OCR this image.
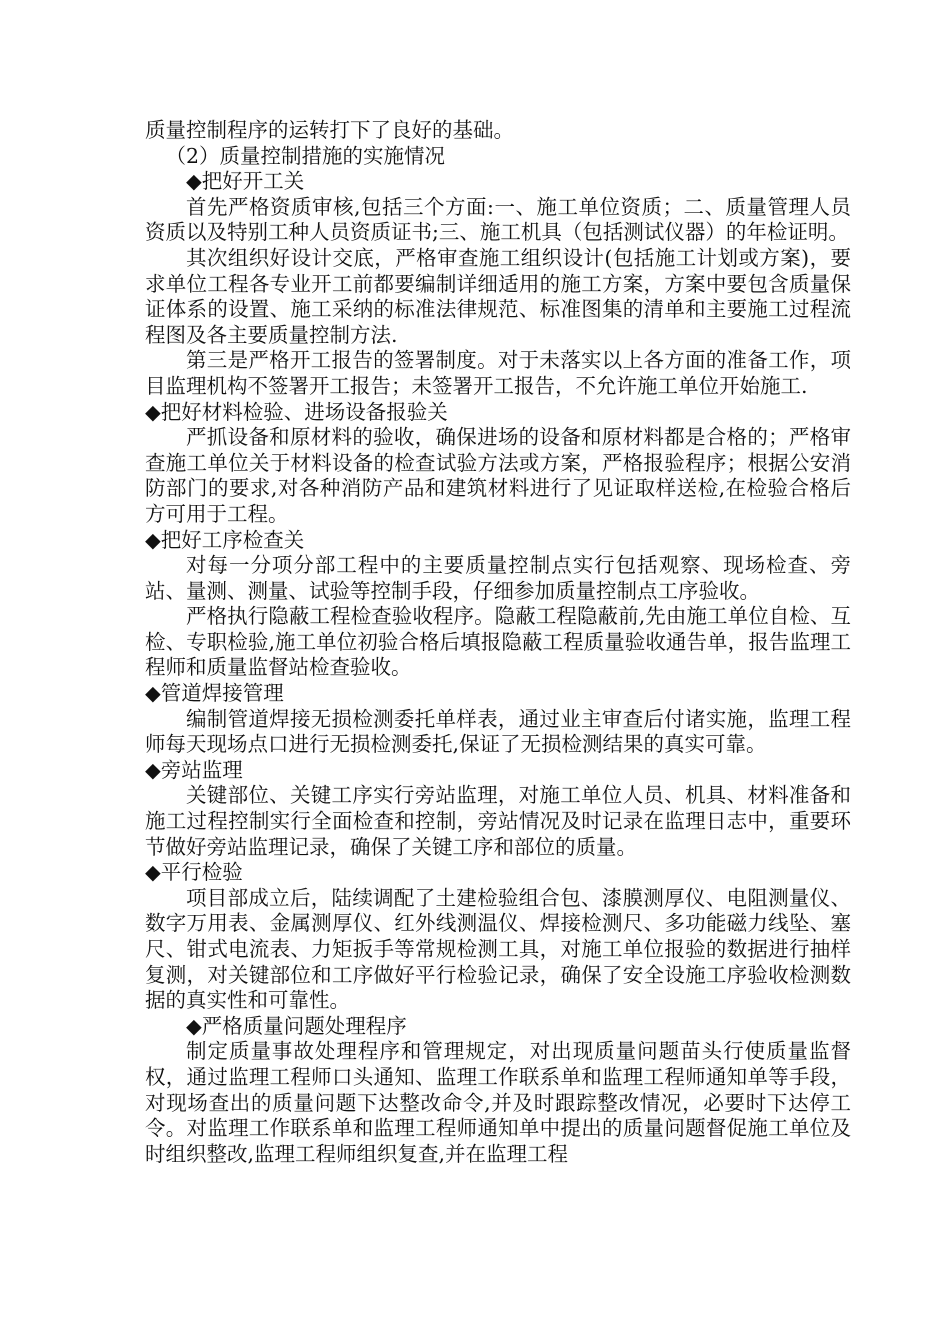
质量控制程序的运转打下了良好的基础。

（2）质量控制措施的实施情况

◆把好开工关

首先严格资质审核,包括三个方面:一、施工单位资质；二、质量管理人员资质以及特别工种人员资质证书;三、施工机具（包括测试仪器）的年检证明。

其次组织好设计交底，严格审查施工组织设计(包括施工计划或方案)，要求单位工程各专业开工前都要编制详细适用的施工方案，方案中要包含质量保证体系的设置、施工采纳的标准法律规范、标准图集的清单和主要施工过程流程图及各主要质量控制方法.

第三是严格开工报告的签署制度。对于未落实以上各方面的准备工作，项目监理机构不签署开工报告；未签署开工报告，不允许施工单位开始施工.

◆把好材料检验、进场设备报验关

严抓设备和原材料的验收，确保进场的设备和原材料都是合格的；严格审查施工单位关于材料设备的检查试验方法或方案，严格报验程序；根据公安消防部门的要求,对各种消防产品和建筑材料进行了见证取样送检,在检验合格后方可用于工程。

◆把好工序检查关

对每一分项分部工程中的主要质量控制点实行包括观察、现场检查、旁站、量测、测量、试验等控制手段，仔细参加质量控制点工序验收。

严格执行隐蔽工程检查验收程序。隐蔽工程隐蔽前,先由施工单位自检、互检、专职检验,施工单位初验合格后填报隐蔽工程质量验收通告单，报告监理工程师和质量监督站检查验收。

◆管道焊接管理

编制管道焊接无损检测委托单样表，通过业主审查后付诸实施，监理工程师每天现场点口进行无损检测委托,保证了无损检测结果的真实可靠。

◆旁站监理

关键部位、关键工序实行旁站监理，对施工单位人员、机具、材料准备和施工过程控制实行全面检查和控制，旁站情况及时记录在监理日志中，重要环节做好旁站监理记录，确保了关键工序和部位的质量。

◆平行检验

项目部成立后，陆续调配了土建检验组合包、漆膜测厚仪、电阻测量仪、数字万用表、金属测厚仪、红外线测温仪、焊接检测尺、多功能磁力线坠、塞尺、钳式电流表、力矩扳手等常规检测工具，对施工单位报验的数据进行抽样复测，对关键部位和工序做好平行检验记录，确保了安全设施工序验收检测数据的真实性和可靠性。

◆严格质量问题处理程序

制定质量事故处理程序和管理规定，对出现质量问题苗头行使质量监督权，通过监理工程师口头通知、监理工作联系单和监理工程师通知单等手段，对现场查出的质量问题下达整改命令,并及时跟踪整改情况，必要时下达停工令。对监理工作联系单和监理工程师通知单中提出的质量问题督促施工单位及时组织整改,监理工程师组织复查,并在监理工程
